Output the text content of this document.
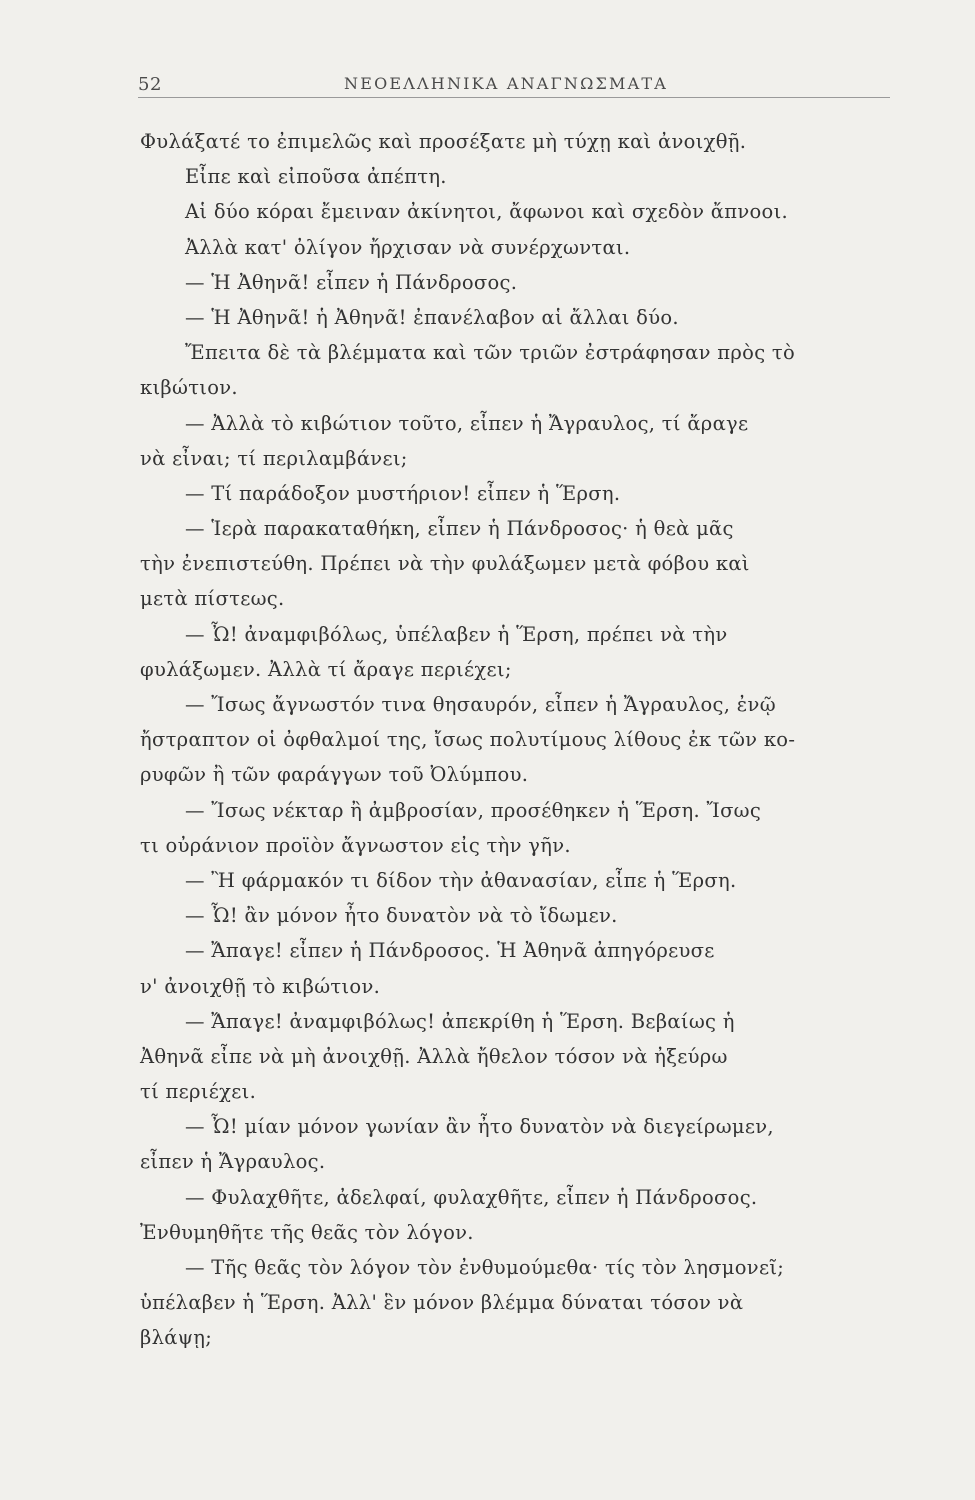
52	ΝΕΟΕΛΛΗΝΙΚΑ ΑΝΑΓΝΩΣΜΑΤΑ
Φυλάξατέ το ἐπιμελῶς καὶ προσέξατε μὴ τύχῃ καὶ ἀνοιχθῇ.
Εἶπε καὶ εἰποῦσα ἀπέπτη.
Αἱ δύο κόραι ἔμειναν ἀκίνητοι, ἄφωνοι καὶ σχεδὸν ἄπνοοι.
Ἀλλὰ κατ' ὀλίγον ἤρχισαν νὰ συνέρχωνται.
— Ἡ Ἀθηνᾶ! εἶπεν ἡ Πάνδροσος.
— Ἡ Ἀθηνᾶ! ἡ Ἀθηνᾶ! ἐπανέλαβον αἱ ἄλλαι δύο.
Ἔπειτα δὲ τὰ βλέμματα καὶ τῶν τριῶν ἐστράφησαν πρὸς τὸ
κιβώτιον.
— Ἀλλὰ τὸ κιβώτιον τοῦτο, εἶπεν ἡ Ἄγραυλος, τί ἄραγε
νὰ εἶναι; τί περιλαμβάνει;
— Τί παράδοξον μυστήριον! εἶπεν ἡ Ἕρση.
— Ἱερὰ παρακαταθήκη, εἶπεν ἡ Πάνδροσος· ἡ θεὰ μᾶς
τὴν ἐνεπιστεύθη. Πρέπει νὰ τὴν φυλάξωμεν μετὰ φόβου καὶ
μετὰ πίστεως.
— Ὦ! ἀναμφιβόλως, ὑπέλαβεν ἡ Ἕρση, πρέπει νὰ τὴν
φυλάξωμεν. Ἀλλὰ τί ἄραγε περιέχει;
— Ἴσως ἄγνωστόν τινα θησαυρόν, εἶπεν ἡ Ἄγραυλος, ἐνῷ
ἤστραπτον οἱ ὀφθαλμοί της, ἴσως πολυτίμους λίθους ἐκ τῶν κο-
ρυφῶν ἢ τῶν φαράγγων τοῦ Ὀλύμπου.
— Ἴσως νέκταρ ἢ ἀμβροσίαν, προσέθηκεν ἡ Ἕρση. Ἴσως
τι οὐράνιον προϊὸν ἄγνωστον εἰς τὴν γῆν.
— Ἢ φάρμακόν τι δίδον τὴν ἀθανασίαν, εἶπε ἡ Ἕρση.
— Ὦ! ἂν μόνον ἦτο δυνατὸν νὰ τὸ ἴδωμεν.
— Ἄπαγε! εἶπεν ἡ Πάνδροσος. Ἡ Ἀθηνᾶ ἀπηγόρευσε
ν' ἀνοιχθῇ τὸ κιβώτιον.
— Ἄπαγε! ἀναμφιβόλως! ἀπεκρίθη ἡ Ἕρση. Βεβαίως ἡ
Ἀθηνᾶ εἶπε νὰ μὴ ἀνοιχθῇ. Ἀλλὰ ἤθελον τόσον νὰ ἠξεύρω
τί περιέχει.
— Ὦ! μίαν μόνον γωνίαν ἂν ἦτο δυνατὸν νὰ διεγείρωμεν,
εἶπεν ἡ Ἄγραυλος.
— Φυλαχθῆτε, ἀδελφαί, φυλαχθῆτε, εἶπεν ἡ Πάνδροσος.
Ἐνθυμηθῆτε τῆς θεᾶς τὸν λόγον.
— Τῆς θεᾶς τὸν λόγον τὸν ἐνθυμούμεθα· τίς τὸν λησμονεῖ;
ὑπέλαβεν ἡ Ἕρση. Ἀλλ' ἓν μόνον βλέμμα δύναται τόσον νὰ
βλάψῃ;
